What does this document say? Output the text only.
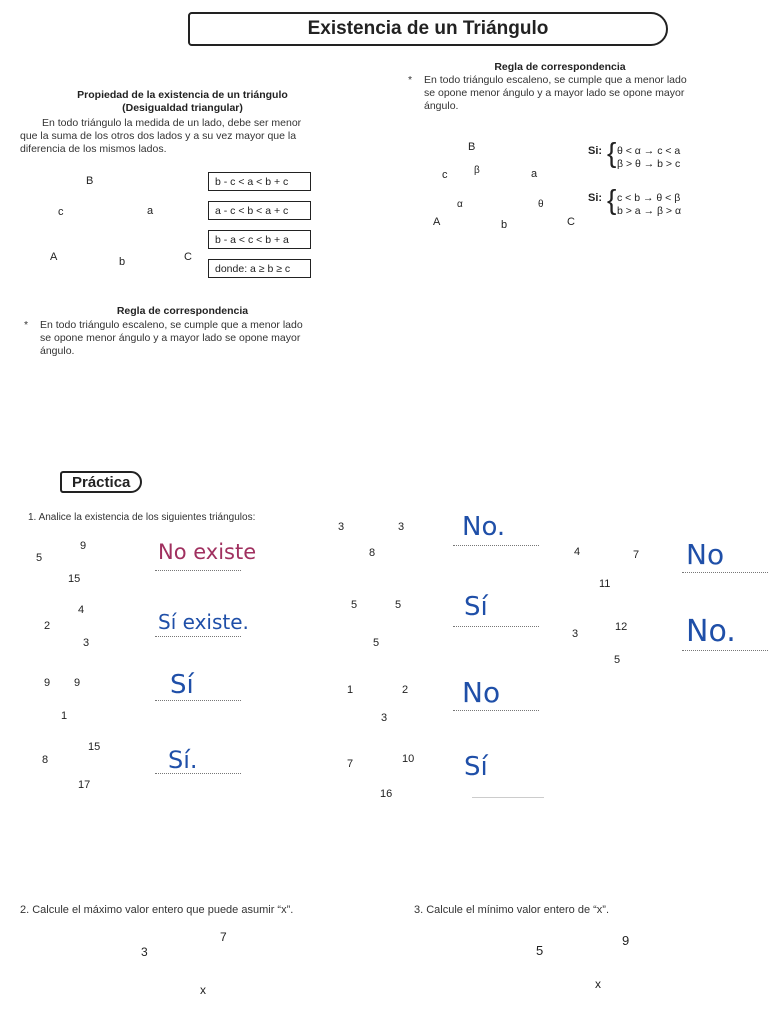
Existencia de un Triángulo
Propiedad de la existencia de un triángulo
(Desigualdad triangular)
En todo triángulo la medida de un lado, debe ser menor
que la suma de los otros dos lados y a su vez mayor que la
diferencia de los mismos lados.
B
A	C
a
b
c
b - c < a < b + c
a - c < b < a + c
b - a < c < b + a
donde: a ≥ b ≥ c
Regla de correspondencia
* En todo triángulo escaleno, se cumple que a menor lado
se opone menor ángulo y a mayor lado se opone mayor
ángulo.
Regla de correspondencia
* En todo triángulo escaleno, se cumple que a menor lado
se opone menor ángulo y a mayor lado se opone mayor
ángulo.
B
A	C
a
b
c
α
β
θ
Si: { θ < α → c < a
β > θ → b > c
Si: { c < b → θ < β
b > a → β > α
Práctica
1. Analice la existencia de los siguientes triángulos:
5
9
15
2
4
3
9 9
1
8
15
17
3	3
8
5	5
5
1	2
3
7	10
16
4	7
11
3
12
5
No existe
Sí existe.
Sí
Sí.
No.
Sí
No
Sí
No
No.
2. Calcule el máximo valor entero que puede asumir “x”.	3. Calcule el mínimo valor entero de “x”.
3
7
x
5
9
x
